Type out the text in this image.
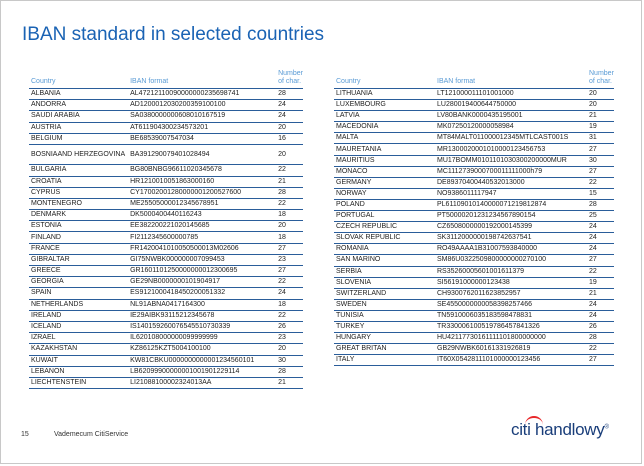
IBAN standard in selected countries
Country	IBAN format	Number of char.
ALBANIA	AL47212110090000000235698741	28
ANDORRA	AD1200012030200359100100	24
SAUDI ARABIA	SA0380000000608010167519	24
AUSTRIA	AT611904300234573201	20
BELGIUM	BE68539007547034	16
BOSNIAAND HERZEGOVINA	BA391290079401028494	20
BULGARIA	BG80BNBG96611020345678	22
CROATIA	HR1210010051863000160	21
CYPRUS	CY17002001280000001200527600	28
MONTENEGRO	ME25505000012345678951	22
DENMARK	DK5000400440116243	18
ESTONIA	EE382200221020145685	20
FINLAND	FI2112345600000785	18
FRANCE	FR1420041010050500013M02606	27
GIBRALTAR	GI75NWBK000000007099453	23
GREECE	GR1601101250000000012300695	27
GEORGIA	GE29NB0000000101904917	22
SPAIN	ES9121000418450200051332	24
NETHERLANDS	NL91ABNA0417164300	18
IRELAND	IE29AIBK93115212345678	22
ICELAND	IS140159260076545510730339	26
IZRAEL	IL620108000000099999999	23
KAZAKHSTAN	KZ86125KZT5004100100	20
KUWAIT	KW81CBKU0000000000001234560101	30
LEBANON	LB62099900000001001901229114	28
LIECHTENSTEIN	LI21088100002324013AA	21
Country	IBAN format	Number of char.
LITHUANIA	LT121000011101001000	20
LUXEMBOURG	LU280019400644750000	20
LATVIA	LV80BANK0000435195001	21
MACEDONIA	MK07250120000058984	19
MALTA	MT84MALT011000012345MTLCAST001S	31
MAURETANIA	MR1300020001010000123456753	27
MAURITIUS	MU17BOMM0101101030300200000MUR	30
MONACO	MC1112739000700011111000h79	27
GERMANY	DE89370400440532013000	22
NORWAY	NO9386011117947	15
POLAND	PL61109010140000071219812874	28
PORTUGAL	PT50000201231234567890154	25
CZECH REPUBLIC	CZ6508000000192000145399	24
SLOVAK REPUBLIC	SK3112000000198742637541	24
ROMANIA	RO49AAAA1B31007593840000	24
SAN MARINO	SM86U0322509800000000270100	27
SERBIA	RS35260005601001611379	22
SLOVENIA	SI56191000000123438	19
SWITZERLAND	CH9300762011623852957	21
SWEDEN	SE4550000000058398257466	24
TUNISIA	TN5910006035183598478831	24
TURKEY	TR330006100519786457841326	26
HUNGARY	HU42117730161111101800000000	28
GREAT BRITAN	GB29NWBK60161331926819	22
ITALY	IT60X0542811101000000123456	27
15	Vademecum CitiService	citi handlowy®
